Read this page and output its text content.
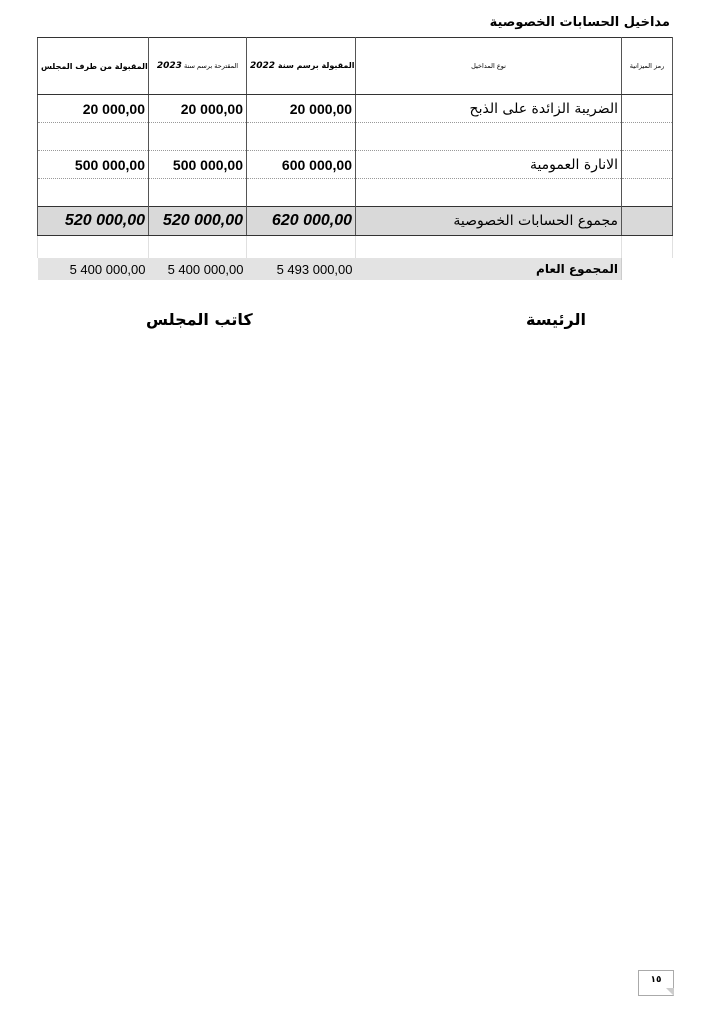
مداخيل الحسابات الخصوصية
المقبولة من طرف المجلس	المقترحة برسم سنة 2023	المقبولة برسم سنة 2022	نوع المداخيل	رمز الميزانية
20 000,00	20 000,00	20 000,00	الضريبة الزائدة على الذبح	

500 000,00	500 000,00	600 000,00	الانارة العمومية	

520 000,00	520 000,00	620 000,00	مجموع الحسابات الخصوصية	

5 400 000,00	5 400 000,00	5 493 000,00	المجموع العام	
الرئيسة
كاتب المجلس
١٥
